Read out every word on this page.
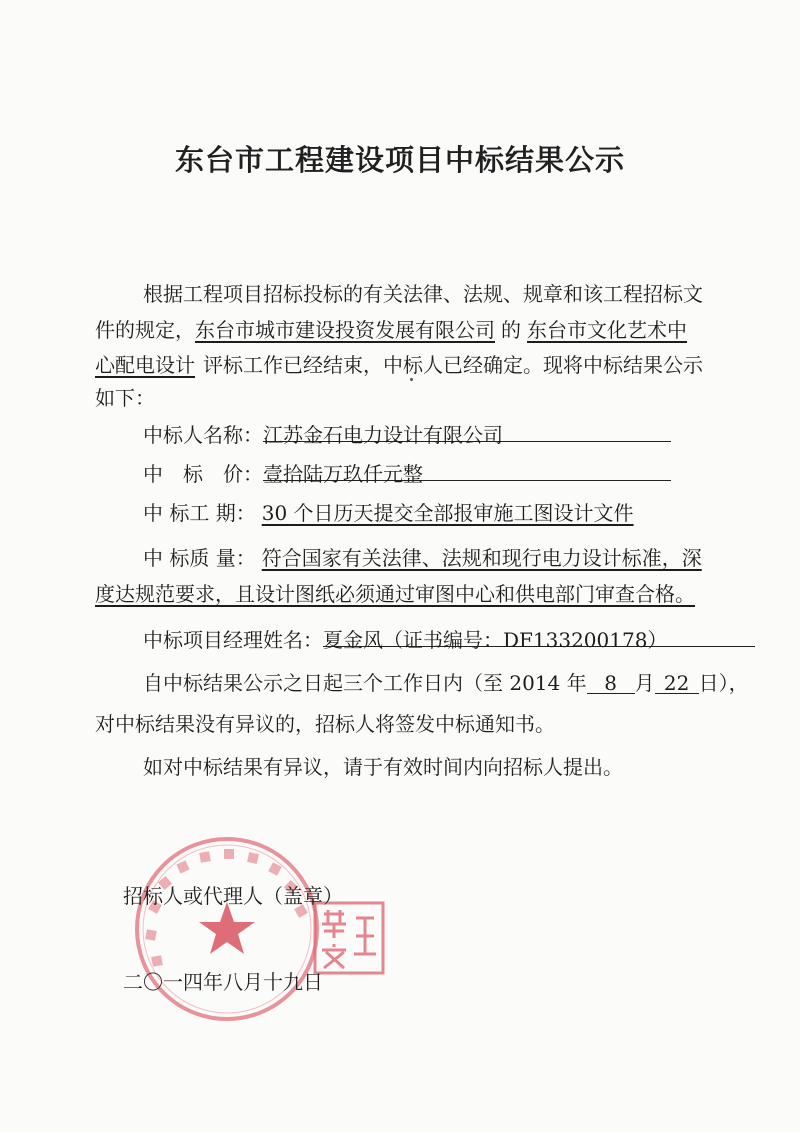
东台市工程建设项目中标结果公示
根据工程项目招标投标的有关法律、法规、规章和该工程招标文
件的规定，东台市城市建设投资发展有限公司 的 东台市文化艺术中
心配电设计 评标工作已经结束，中标人已经确定。现将中标结果公示
如下：
中标人名称：江苏金石电力设计有限公司
中　标　价：壹拾陆万玖仟元整
中 标工 期： 30 个日历天提交全部报审施工图设计文件
中 标质 量： 符合国家有关法律、法规和现行电力设计标准，深
度达规范要求，且设计图纸必须通过审图中心和供电部门审查合格。
中标项目经理姓名：夏金风（证书编号：DF133200178）
自中标结果公示之日起三个工作日内（至 2014 年 8 月 22 日），
对中标结果没有异议的，招标人将签发中标通知书。
如对中标结果有异议，请于有效时间内向招标人提出。
招标人或代理人（盖章）
二〇一四年八月十九日
